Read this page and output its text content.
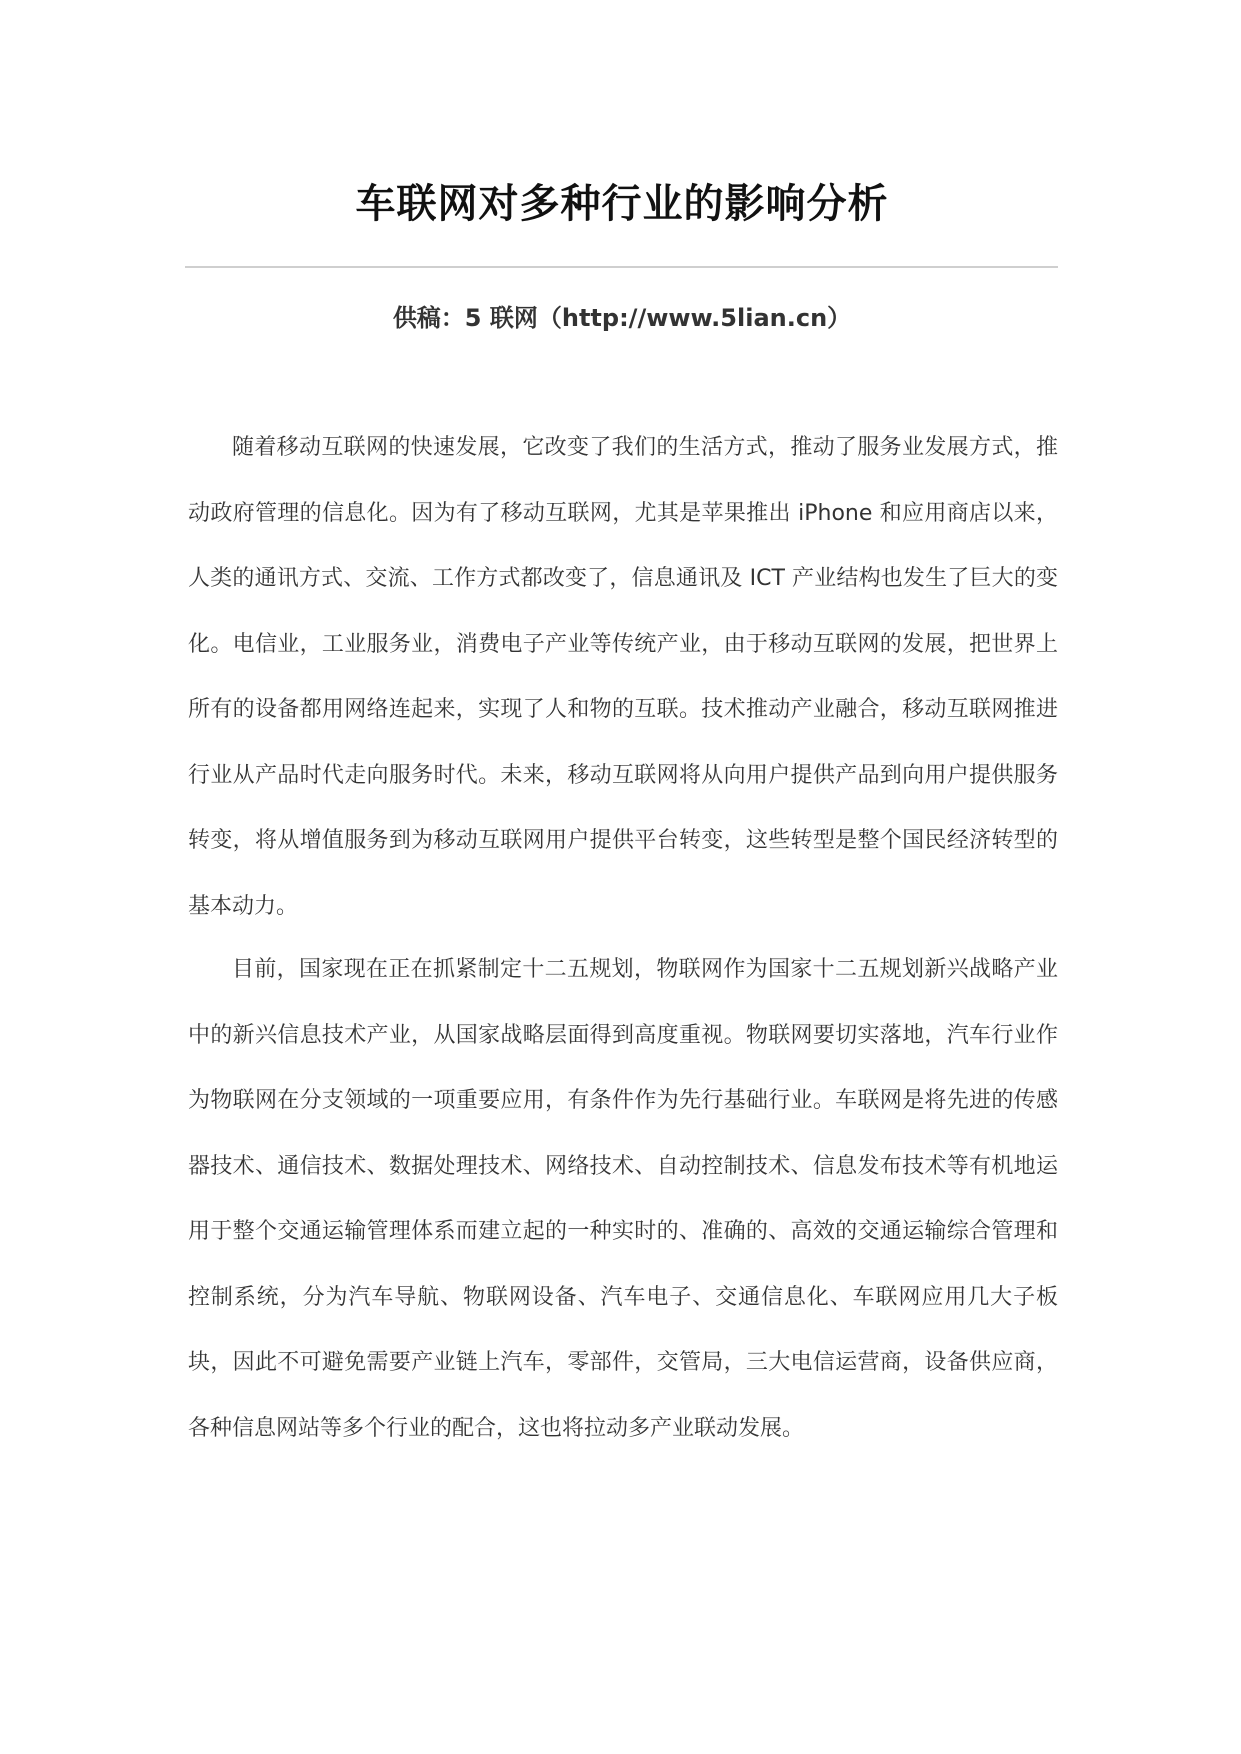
车联网对多种行业的影响分析
供稿：5 联网（http://www.5lian.cn）

随着移动互联网的快速发展，它改变了我们的生活方式，推动了服务业发展方式，推动政府管理的信息化。因为有了移动互联网，尤其是苹果推出 iPhone 和应用商店以来，人类的通讯方式、交流、工作方式都改变了，信息通讯及 ICT 产业结构也发生了巨大的变化。电信业，工业服务业，消费电子产业等传统产业，由于移动互联网的发展，把世界上所有的设备都用网络连起来，实现了人和物的互联。技术推动产业融合，移动互联网推进行业从产品时代走向服务时代。未来，移动互联网将从向用户提供产品到向用户提供服务转变，将从增值服务到为移动互联网用户提供平台转变，这些转型是整个国民经济转型的基本动力。

目前，国家现在正在抓紧制定十二五规划，物联网作为国家十二五规划新兴战略产业中的新兴信息技术产业，从国家战略层面得到高度重视。物联网要切实落地，汽车行业作为物联网在分支领域的一项重要应用，有条件作为先行基础行业。车联网是将先进的传感器技术、通信技术、数据处理技术、网络技术、自动控制技术、信息发布技术等有机地运用于整个交通运输管理体系而建立起的一种实时的、准确的、高效的交通运输综合管理和控制系统，分为汽车导航、物联网设备、汽车电子、交通信息化、车联网应用几大子板块，因此不可避免需要产业链上汽车，零部件，交管局，三大电信运营商，设备供应商，各种信息网站等多个行业的配合，这也将拉动多产业联动发展。
